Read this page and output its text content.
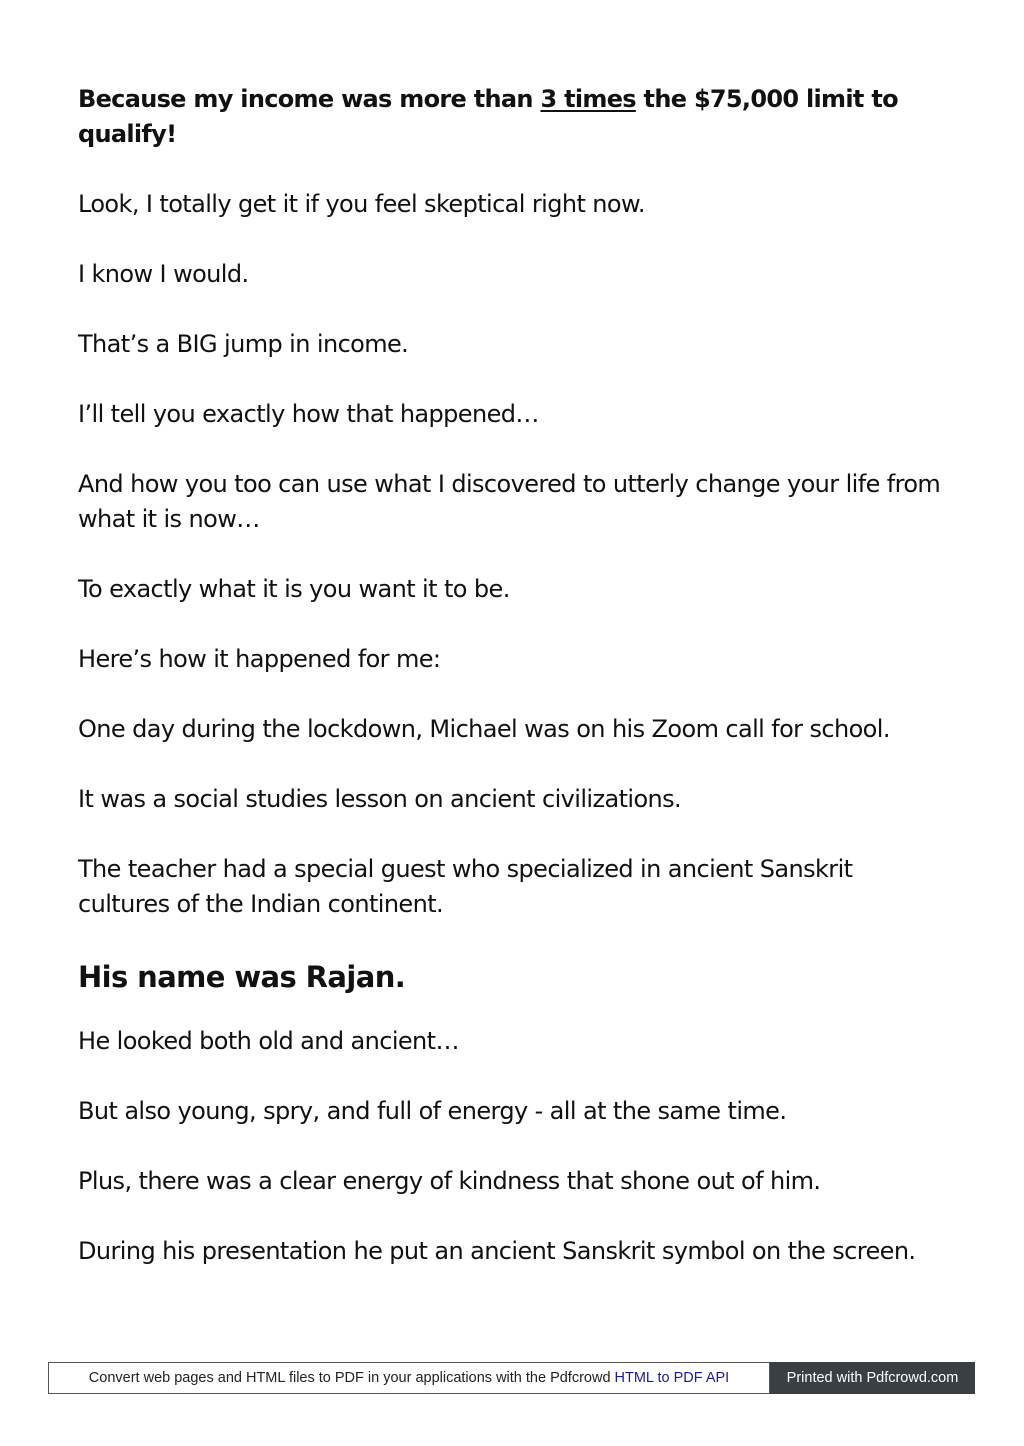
Because my income was more than 3 times the $75,000 limit to qualify!

Look, I totally get it if you feel skeptical right now.

I know I would.

That’s a BIG jump in income.

I’ll tell you exactly how that happened…

And how you too can use what I discovered to utterly change your life from what it is now…

To exactly what it is you want it to be.

Here’s how it happened for me:

One day during the lockdown, Michael was on his Zoom call for school.

It was a social studies lesson on ancient civilizations.

The teacher had a special guest who specialized in ancient Sanskrit cultures of the Indian continent.

His name was Rajan.

He looked both old and ancient…

But also young, spry, and full of energy - all at the same time.

Plus, there was a clear energy of kindness that shone out of him.

During his presentation he put an ancient Sanskrit symbol on the screen.

Convert web pages and HTML files to PDF in your applications with the Pdfcrowd HTML to PDF API	Printed with Pdfcrowd.com
